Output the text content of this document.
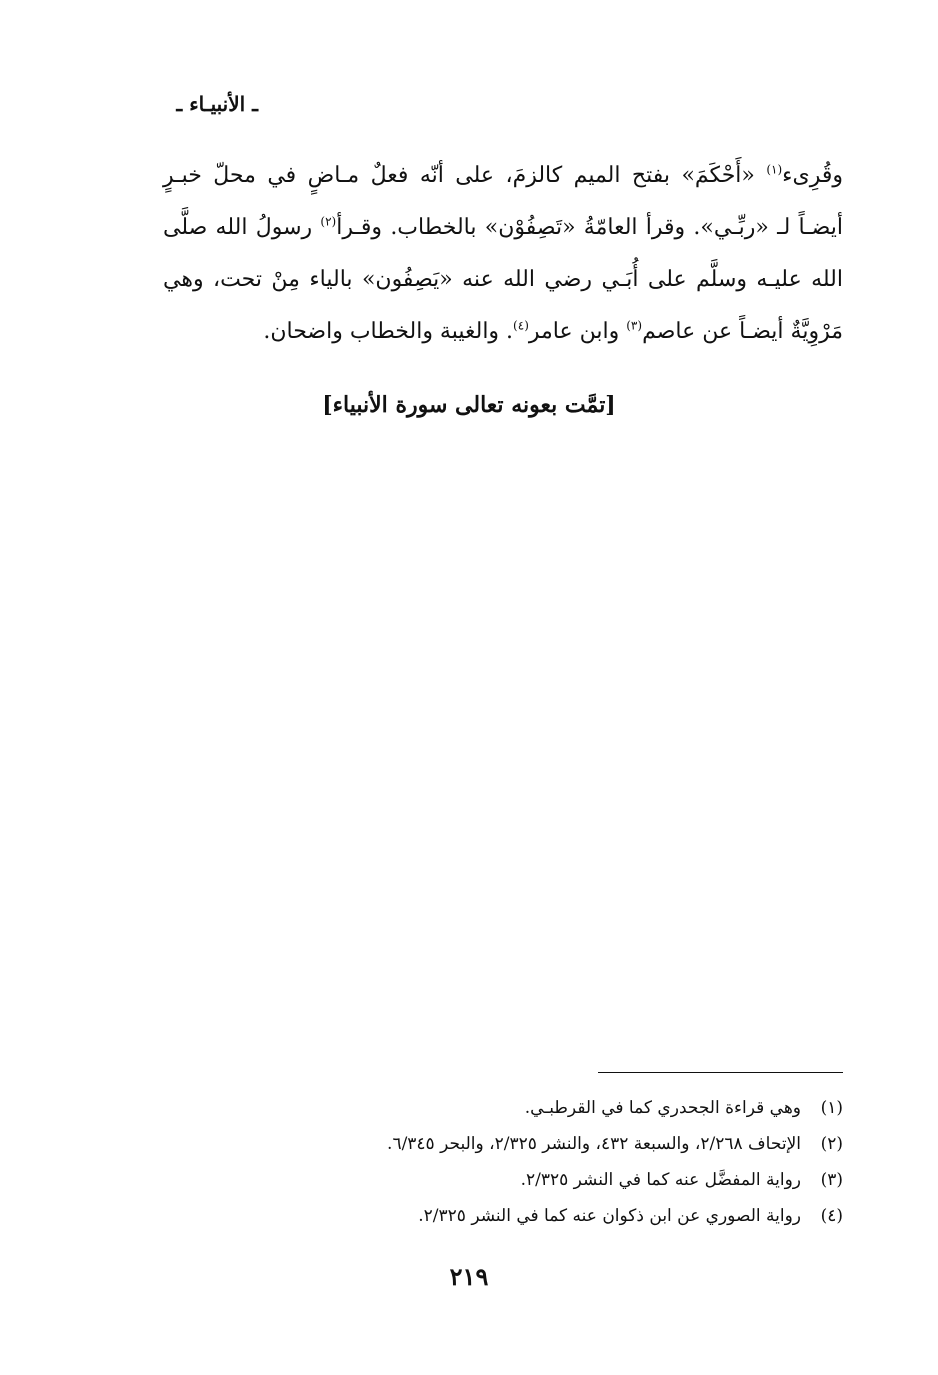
ـ الأنبيـاء ـ
وقُرِىء$^{(١)}$ «أَحْكَمَ» بفتح الميم كالزمَ، على أنّه فعلٌ مـاضٍ في محلّ خبـرٍ أيضـاً لـ «ربِّـي». وقرأ العامّةُ «تَصِفُوْن» بالخطاب. وقـرأ$^{(٢)}$ رسولُ الله صلَّى الله عليـه وسلَّم على أُبَـي رضي الله عنه «يَصِفُون» بالياء مِنْ تحت، وهي مَرْوِيَّةٌ أيضـاً عن عاصم$^{(٣)}$ وابن عامر$^{(٤)}$. والغيبة والخطاب واضحان.
[تمَّت بعونه تعالى سورة الأنبياء]
(١)
وهي قراءة الجحدري كما في القرطبـي.
(٢)
الإتحاف ٢/٢٦٨، والسبعة ٤٣٢، والنشر ٢/٣٢٥، والبحر ٦/٣٤٥.
(٣)
رواية المفضَّل عنه كما في النشر ٢/٣٢٥.
(٤)
رواية الصوري عن ابن ذكوان عنه كما في النشر ٢/٣٢٥.
٢١٩
